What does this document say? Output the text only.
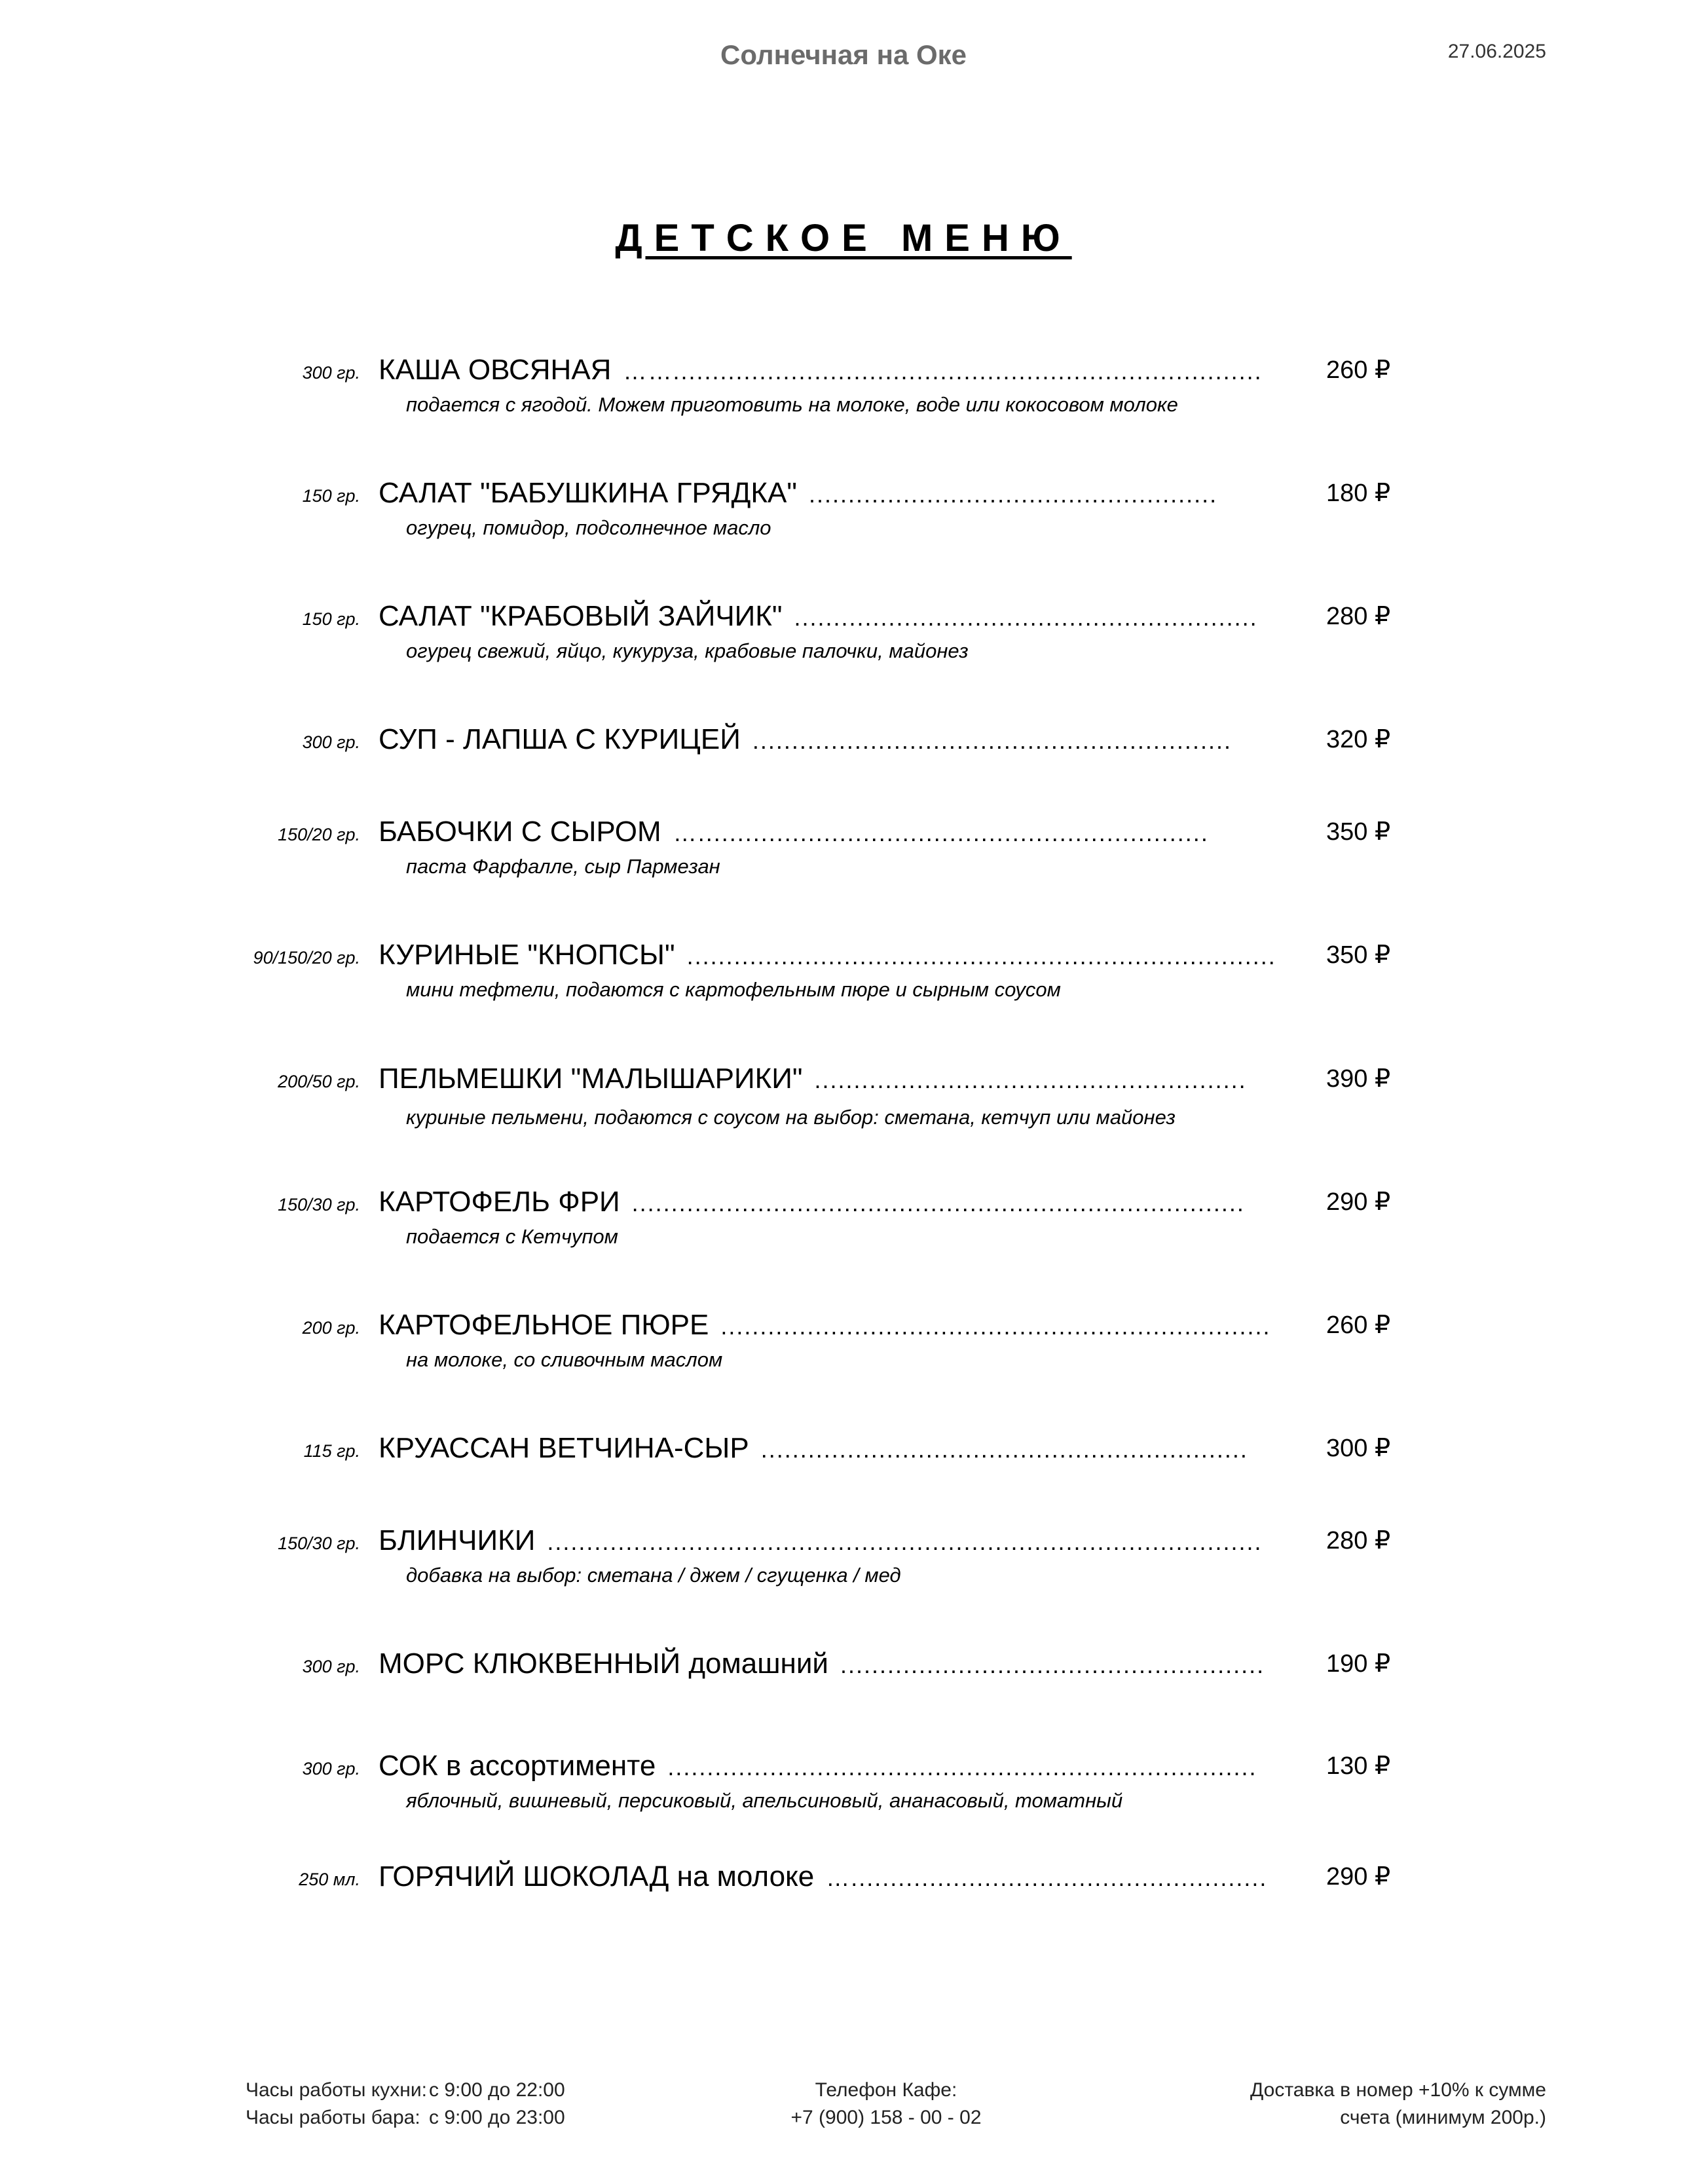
Солнечная на Оке	27.06.2025
ДЕТСКОЕ МЕНЮ
300 гр. КАША ОВСЯНАЯ ……...........................................................................	260 ₽
подается с ягодой. Можем приготовить на молоке, воде или кокосовом молоке
150 гр. САЛАТ "БАБУШКИНА ГРЯДКА" ....................................................	180 ₽
огурец, помидор, подсолнечное масло
150 гр. САЛАТ "КРАБОВЫЙ ЗАЙЧИК" ...........................................................	280 ₽
огурец свежий, яйцо, кукуруза, крабовые палочки, майонез
300 гр. СУП - ЛАПША С КУРИЦЕЙ .............................................................	320 ₽
150/20 гр. БАБОЧКИ С СЫРОМ….................................................................	350 ₽
паста Фарфалле, сыр Пармезан
90/150/20 гр. КУРИНЫЕ "КНОПСЫ" ...........................................................................	350 ₽
мини тефтели, подаются с картофельным пюре и сырным соусом
200/50 гр. ПЕЛЬМЕШКИ "МАЛЫШАРИКИ" .......................................................	390 ₽
куриные пельмени, подаются с соусом на выбор: сметана, кетчуп или майонез
150/30 гр. КАРТОФЕЛЬ ФРИ ..............................................................................	290 ₽
подается с Кетчупом
200 гр. КАРТОФЕЛЬНОЕ ПЮРЕ ......................................................................	260 ₽
на молоке, со сливочным маслом
115 гр. КРУАССАН ВЕТЧИНА-СЫР ..............................................................	300 ₽
150/30 гр. БЛИНЧИКИ ...........................................................................................	280 ₽
добавка на выбор: сметана / джем / сгущенка / мед
300 гр. МОРС КЛЮКВЕННЫЙ домашний ......................................................	190 ₽
300 гр. СОК в ассортименте ...........................................................................	130 ₽
яблочный, вишневый, персиковый, апельсиновый, ананасовый, томатный
250 мл. ГОРЯЧИЙ ШОКОЛАД на молоке….....................................................	290 ₽
Часы работы кухни: с 9:00 до 22:00
Часы работы бара: с 9:00 до 23:00
Телефон Кафе:
+7 (900) 158 - 00 - 02
Доставка в номер +10% к сумме
счета (минимум 200р.)
